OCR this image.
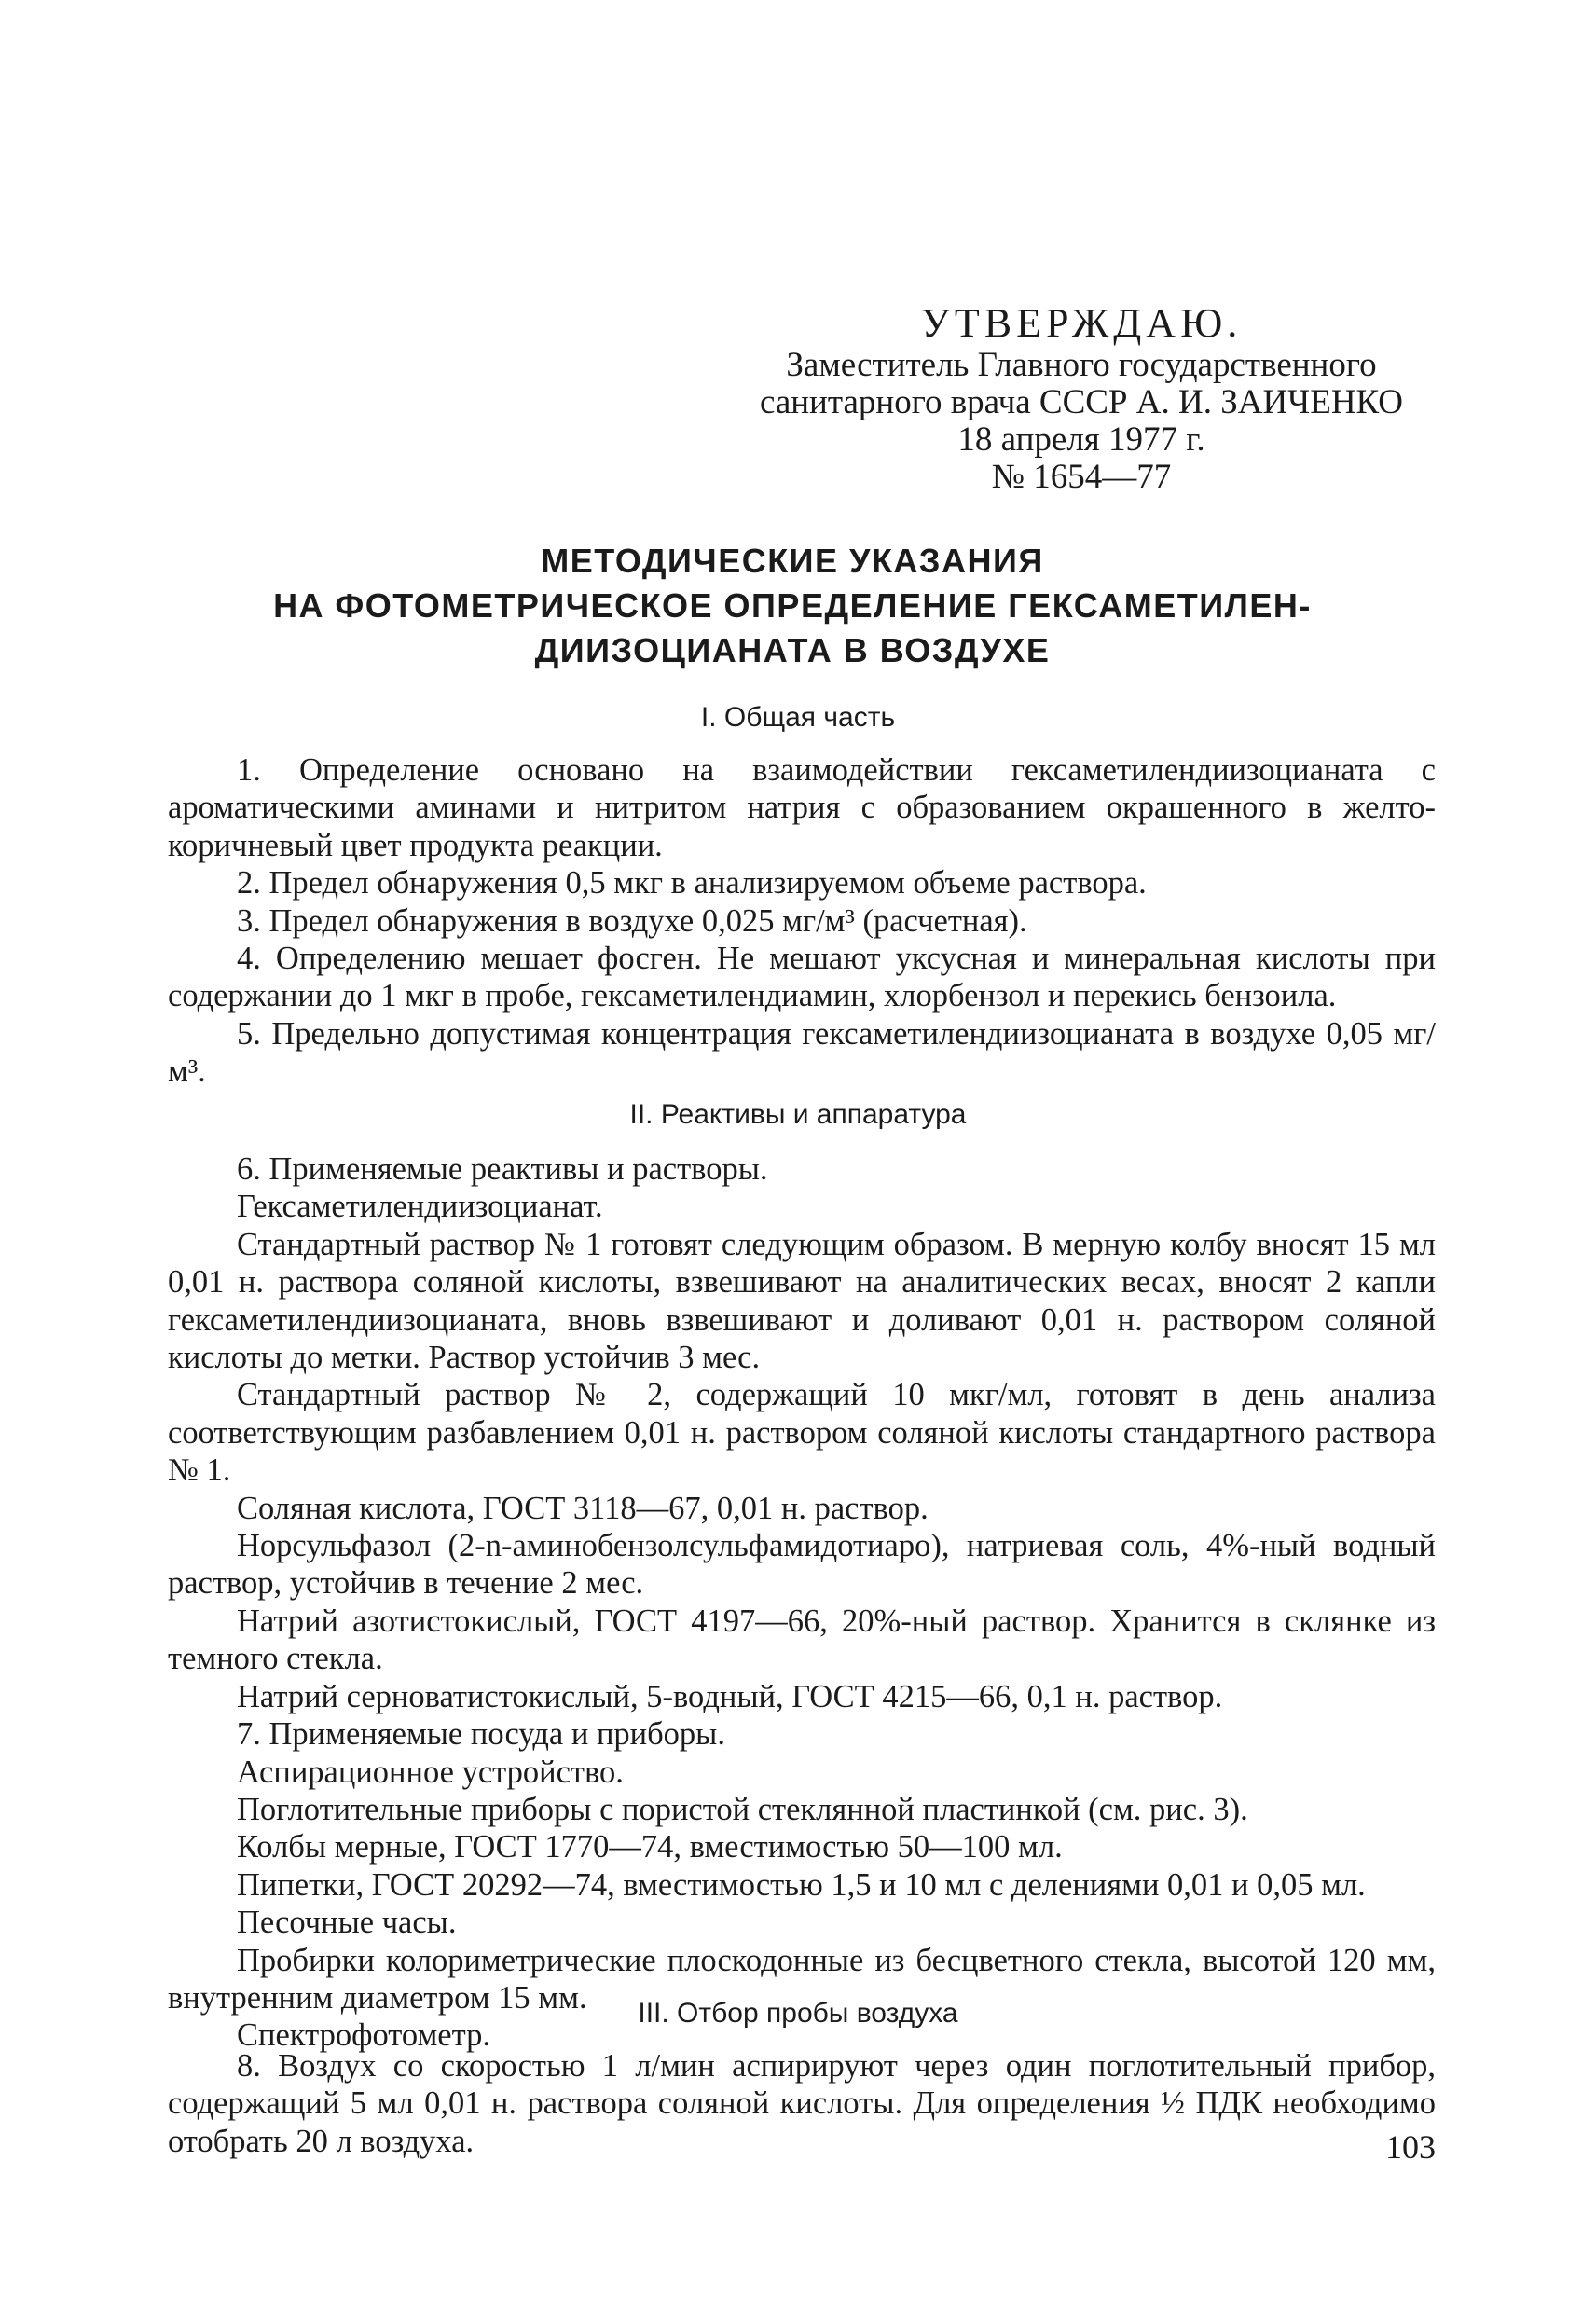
УТВЕРЖДАЮ.
Заместитель Главного государственного
санитарного врача СССР А. И. ЗАИЧЕНКО
18 апреля 1977 г.
№ 1654—77
МЕТОДИЧЕСКИЕ УКАЗАНИЯ
НА ФОТОМЕТРИЧЕСКОЕ ОПРЕДЕЛЕНИЕ ГЕКСАМЕТИЛЕН-
ДИИЗОЦИАНАТА В ВОЗДУХЕ
I. Общая часть

1. Определение основано на взаимодействии гексаметилендиизоцианата с ароматическими аминами и нитритом натрия с образованием окрашенного в желто-коричневый цвет продукта реакции.

2. Предел обнаружения 0,5 мкг в анализируемом объеме раствора.

3. Предел обнаружения в воздухе 0,025 мг/м³ (расчетная).

4. Определению мешает фосген. Не мешают уксусная и минеральная кислоты при содержании до 1 мкг в пробе, гексаметилендиамин, хлорбензол и перекись бензоила.

5. Предельно допустимая концентрация гексаметилендиизоцианата в воздухе 0,05 мг/м³.

II. Реактивы и аппаратура

6. Применяемые реактивы и растворы.

Гексаметилендиизоцианат.

Стандартный раствор № 1 готовят следующим образом. В мерную колбу вносят 15 мл 0,01 н. раствора соляной кислоты, взвешивают на аналитических весах, вносят 2 капли гексаметилендиизоцианата, вновь взвешивают и доливают 0,01 н. раствором соляной кислоты до метки. Раствор устойчив 3 мес.

Стандартный раствор № 2, содержащий 10 мкг/мл, готовят в день анализа соответствующим разбавлением 0,01 н. раствором соляной кислоты стандартного раствора № 1.

Соляная кислота, ГОСТ 3118—67, 0,01 н. раствор.

Норсульфазол (2-n-аминобензолсульфамидотиаро), натриевая соль, 4%-ный водный раствор, устойчив в течение 2 мес.

Натрий азотистокислый, ГОСТ 4197—66, 20%-ный раствор. Хранится в склянке из темного стекла.

Натрий серноватистокислый, 5-водный, ГОСТ 4215—66, 0,1 н. раствор.

7. Применяемые посуда и приборы.

Аспирационное устройство.

Поглотительные приборы с пористой стеклянной пластинкой (см. рис. 3).

Колбы мерные, ГОСТ 1770—74, вместимостью 50—100 мл.

Пипетки, ГОСТ 20292—74, вместимостью 1,5 и 10 мл с делениями 0,01 и 0,05 мл.

Песочные часы.

Пробирки колориметрические плоскодонные из бесцветного стекла, высотой 120 мм, внутренним диаметром 15 мм.

Спектрофотометр.

III. Отбор пробы воздуха

8. Воздух со скоростью 1 л/мин аспирируют через один поглотительный прибор, содержащий 5 мл 0,01 н. раствора соляной кислоты. Для определения ½ ПДК необходимо отобрать 20 л воздуха.	103
